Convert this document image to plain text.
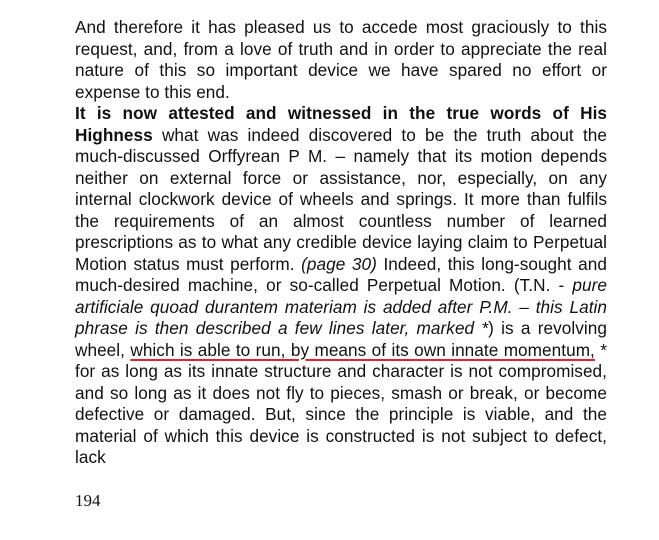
And therefore it has pleased us to accede most graciously to this request, and, from a love of truth and in order to appreciate the real nature of this so important device we have spared no effort or expense to this end.

It is now attested and witnessed in the true words of His Highness what was indeed discovered to be the truth about the much-discussed Orffyrean P M. – namely that its motion depends neither on external force or assistance, nor, especially, on any internal clockwork device of wheels and springs. It more than fulfils the requirements of an almost countless number of learned prescriptions as to what any credible device laying claim to Perpetual Motion status must perform. (page 30) Indeed, this long-sought and much-desired machine, or so-called Perpetual Motion. (T.N. - pure artificiale quoad durantem materiam is added after P.M. – this Latin phrase is then described a few lines later, marked *) is a revolving wheel, which is able to run, by means of its own innate momentum, * for as long as its innate structure and character is not compromised, and so long as it does not fly to pieces, smash or break, or become defective or damaged. But, since the principle is viable, and the material of which this device is constructed is not subject to defect, lack

194
